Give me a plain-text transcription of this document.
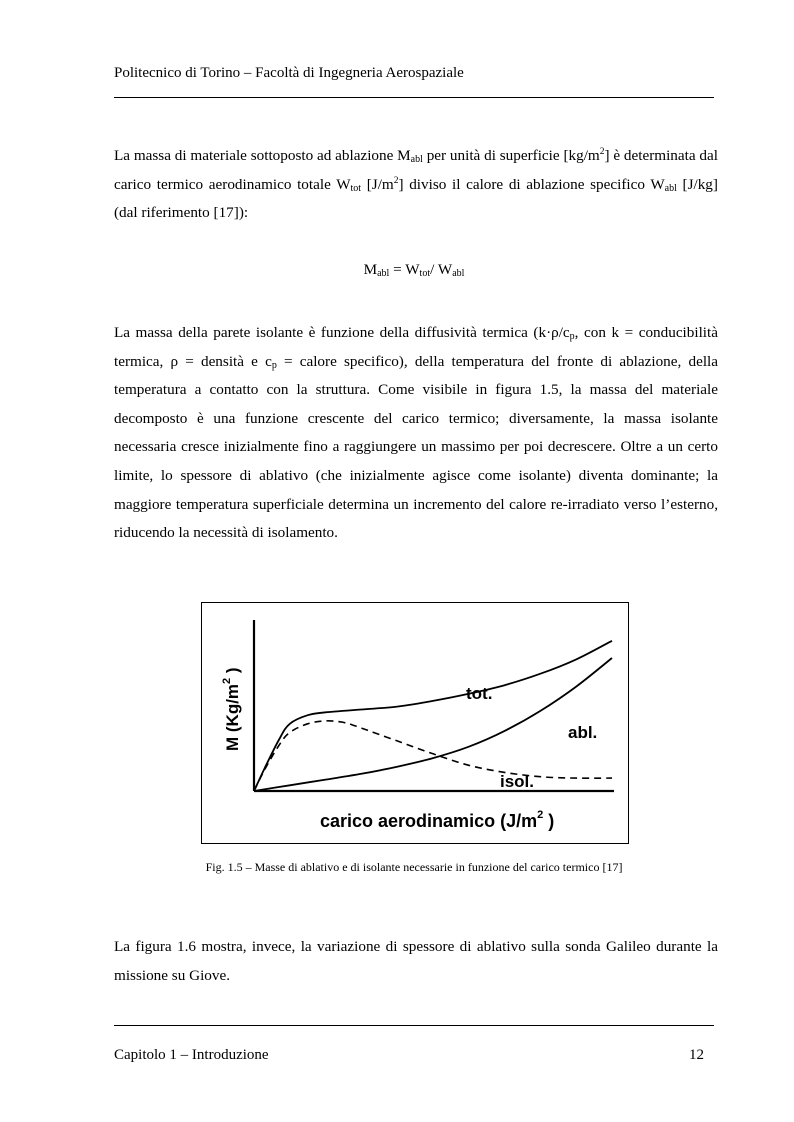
Politecnico di Torino – Facoltà di Ingegneria Aerospaziale

La massa di materiale sottoposto ad ablazione $M_{abl}$ per unità di superficie $[kg/m^2]$ è determinata dal carico termico aerodinamico totale $W_{tot}$ $[J/m^2]$ diviso il calore di ablazione specifico $W_{abl}$ [J/kg] (dal riferimento [17]):

$M_{abl} = W_{tot}/$ $W_{abl}$

La massa della parete isolante è funzione della diffusività termica ($k\cdot\rho/c_p$, con k = conducibilità termica, ρ = densità e $c_p$ = calore specifico), della temperatura del fronte di ablazione, della temperatura a contatto con la struttura. Come visibile in figura 1.5, la massa del materiale decomposto è una funzione crescente del carico termico; diversamente, la massa isolante necessaria cresce inizialmente fino a raggiungere un massimo per poi decrescere. Oltre a un certo limite, lo spessore di ablativo (che inizialmente agisce come isolante) diventa dominante; la maggiore temperatura superficiale determina un incremento del calore re-irradiato verso l’esterno, riducendo la necessità di isolamento.

tot.
abl.
isol.
carico aerodinamico ($J/m^2$ )
M ($Kg/m^2$ )
Fig. 1.5 – Masse di ablativo e di isolante necessarie in funzione del carico termico [17]

La figura 1.6 mostra, invece, la variazione di spessore di ablativo sulla sonda Galileo durante la missione su Giove.

Capitolo 1 – Introduzione	12
